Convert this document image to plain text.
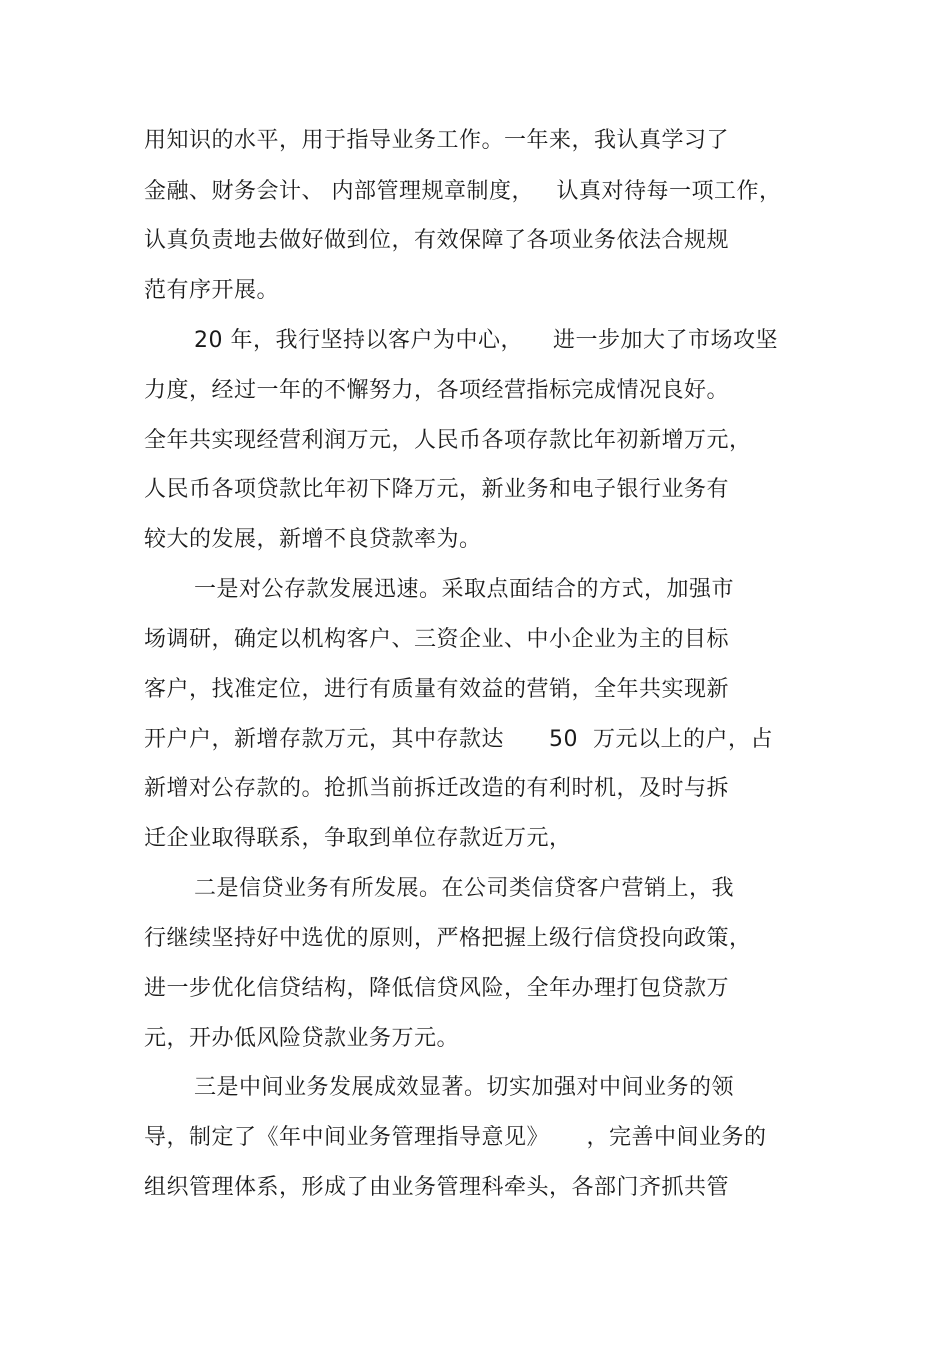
用知识的水平，用于指导业务工作。一年来，我认真学习了
金融、财务会计、 内部管理规章制度，   认真对待每一项工作，
认真负责地去做好做到位，有效保障了各项业务依法合规规
范有序开展。
20 年，我行坚持以客户为中心，    进一步加大了市场攻坚
力度，经过一年的不懈努力，各项经营指标完成情况良好。
全年共实现经营利润万元，人民币各项存款比年初新增万元，
人民币各项贷款比年初下降万元，新业务和电子银行业务有
较大的发展，新增不良贷款率为。
一是对公存款发展迅速。采取点面结合的方式，加强市
场调研，确定以机构客户、三资企业、中小企业为主的目标
客户，找准定位，进行有质量有效益的营销，全年共实现新
开户户，新增存款万元，其中存款达      50  万元以上的户，占
新增对公存款的。抢抓当前拆迁改造的有利时机，及时与拆
迁企业取得联系，争取到单位存款近万元，
二是信贷业务有所发展。在公司类信贷客户营销上，我
行继续坚持好中选优的原则，严格把握上级行信贷投向政策，
进一步优化信贷结构，降低信贷风险，全年办理打包贷款万
元，开办低风险贷款业务万元。
三是中间业务发展成效显著。切实加强对中间业务的领
导，制定了《年中间业务管理指导意见》     ，完善中间业务的
组织管理体系，形成了由业务管理科牵头，各部门齐抓共管
